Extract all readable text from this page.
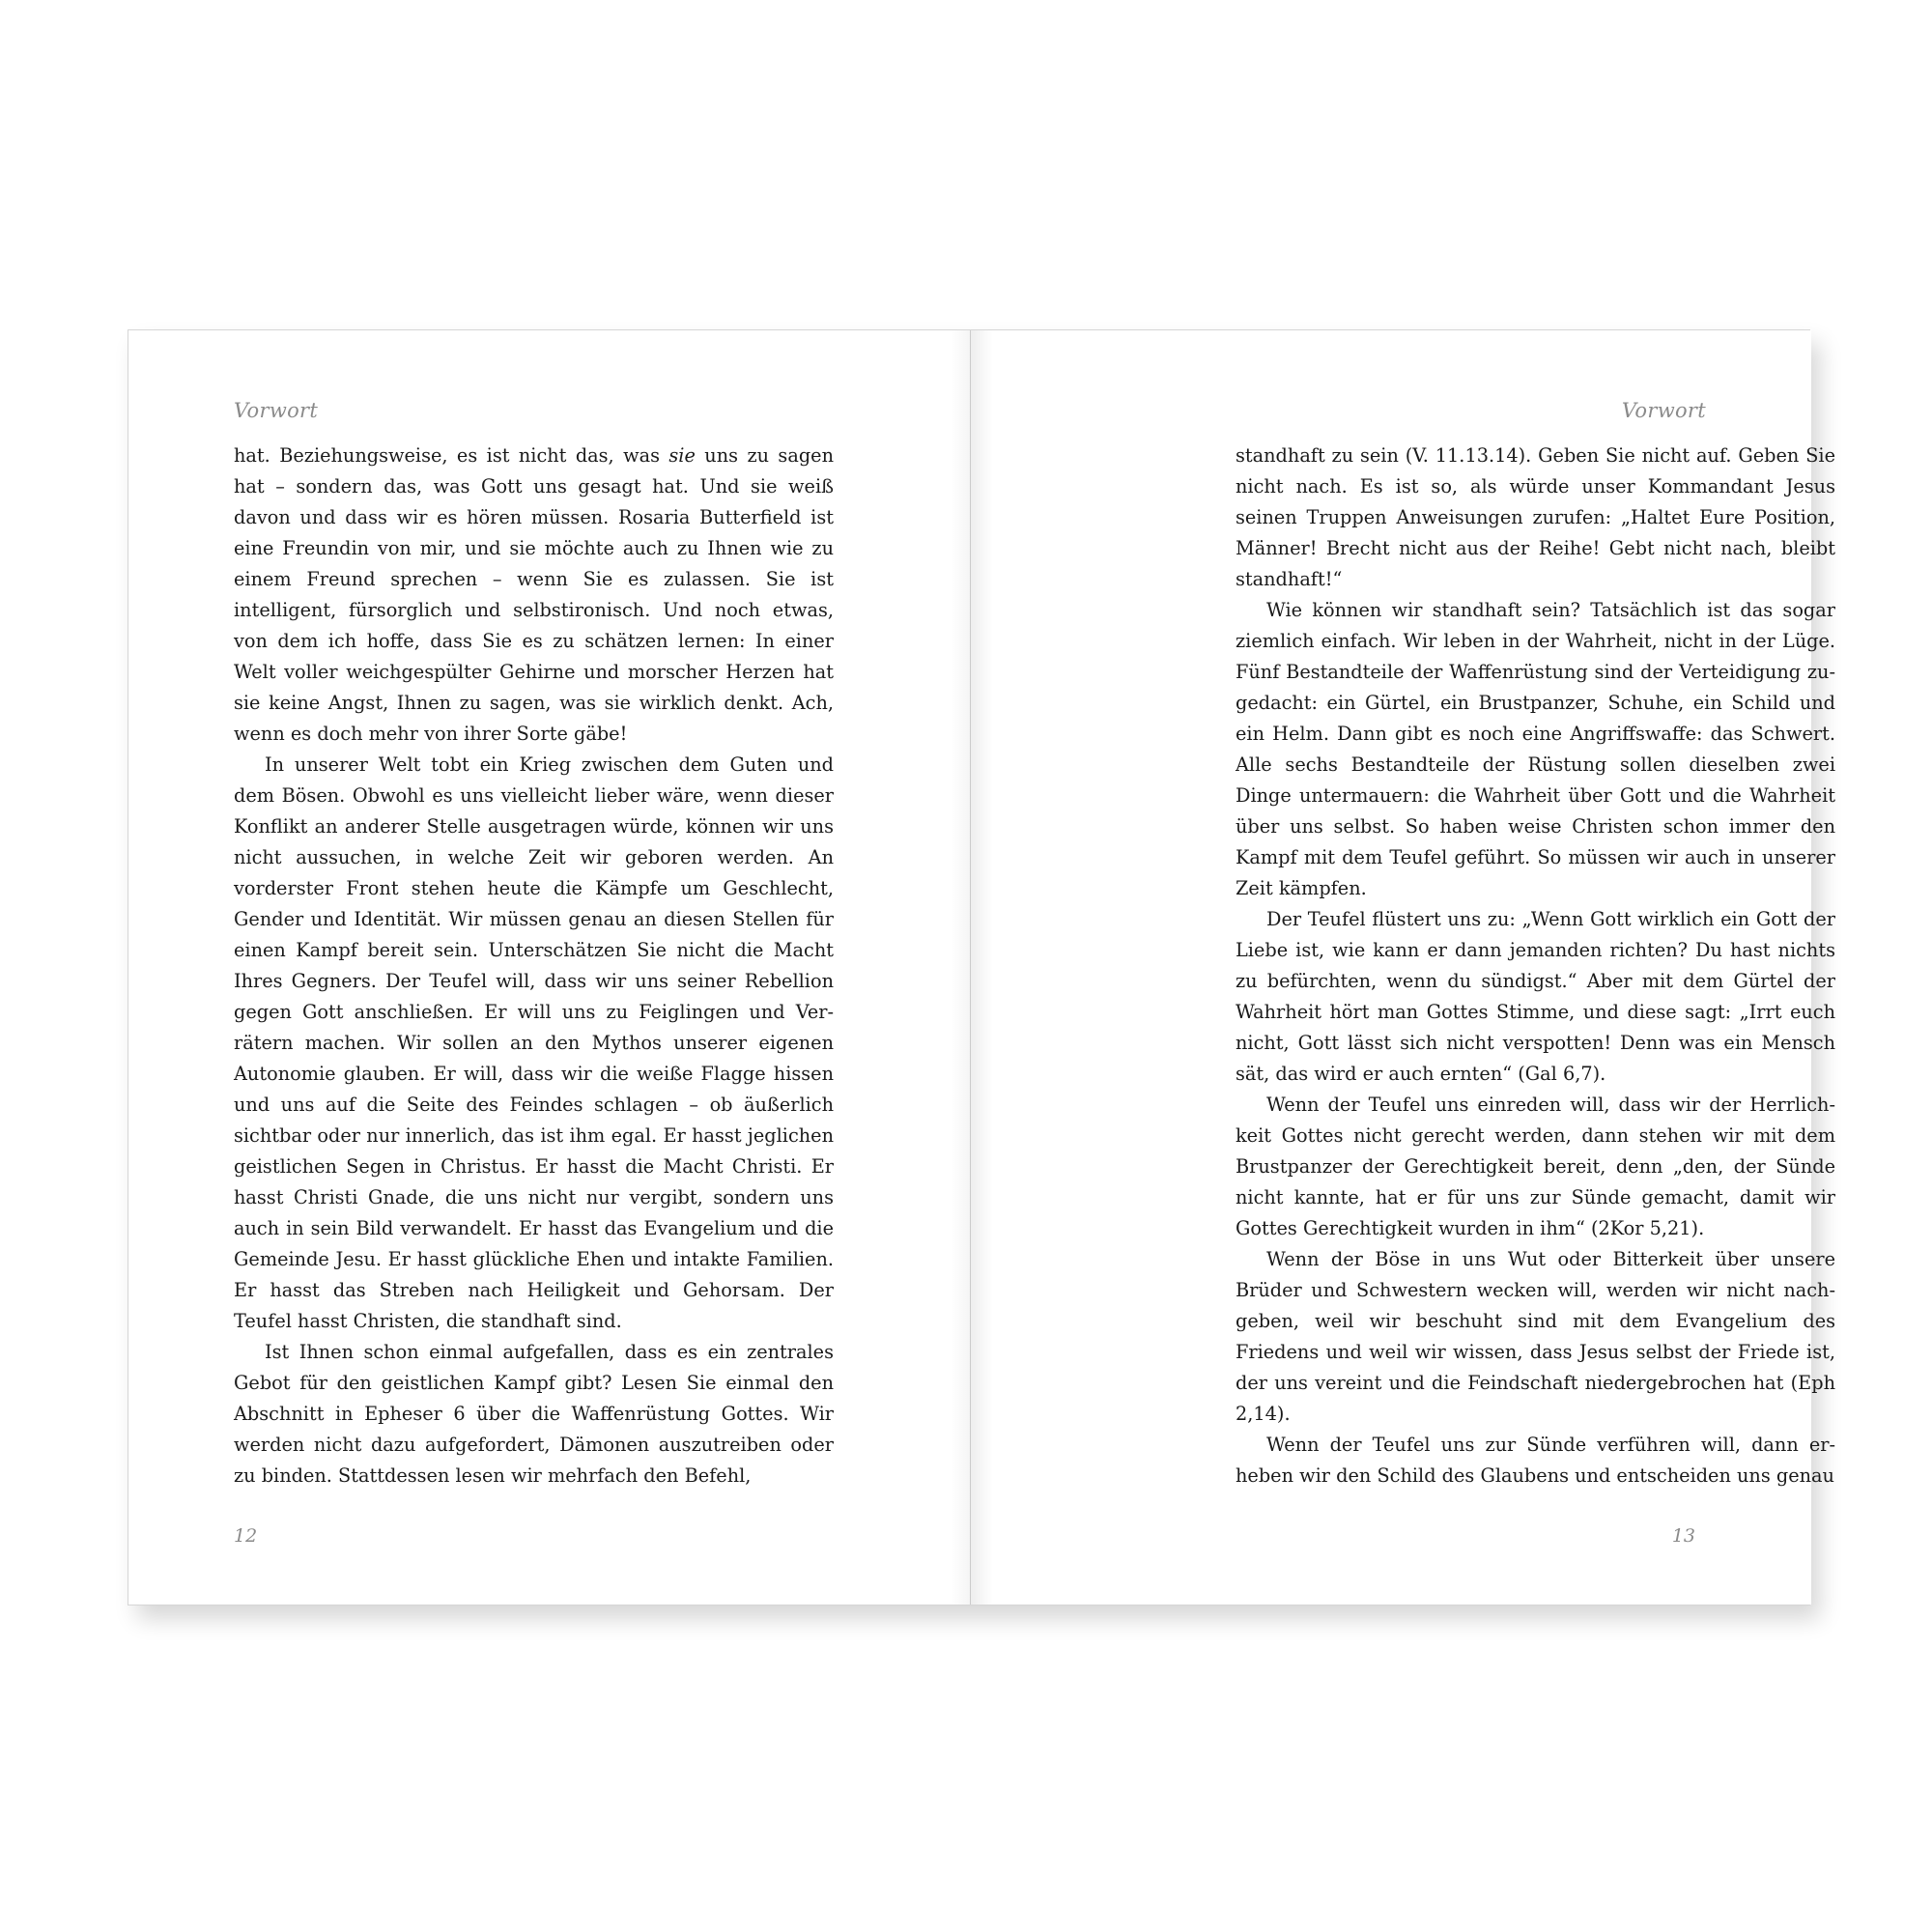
Vorwort

hat. Beziehungsweise, es ist nicht das, was sie uns zu sagen hat – sondern das, was Gott uns gesagt hat. Und sie weiß davon und dass wir es hören müssen. Rosaria Butterfield ist eine Freundin von mir, und sie möchte auch zu Ihnen wie zu einem Freund sprechen – wenn Sie es zulassen. Sie ist intelligent, fürsorglich und selbstironisch. Und noch etwas, von dem ich hoffe, dass Sie es zu schätzen lernen: In einer Welt voller weichgespülter Gehirne und morscher Herzen hat sie keine Angst, Ihnen zu sagen, was sie wirklich denkt. Ach, wenn es doch mehr von ihrer Sorte gäbe!

In unserer Welt tobt ein Krieg zwischen dem Guten und dem Bösen. Obwohl es uns vielleicht lieber wäre, wenn dieser Konflikt an anderer Stelle ausgetragen würde, können wir uns nicht aussuchen, in welche Zeit wir geboren werden. An vorderster Front stehen heute die Kämpfe um Geschlecht, Gender und Identität. Wir müssen genau an diesen Stellen für einen Kampf bereit sein. Unterschätzen Sie nicht die Macht Ihres Gegners. Der Teufel will, dass wir uns seiner Rebellion gegen Gott anschließen. Er will uns zu Feiglingen und Verrätern machen. Wir sollen an den Mythos unserer eigenen Autonomie glauben. Er will, dass wir die weiße Flagge hissen und uns auf die Seite des Feindes schlagen – ob äußerlich sichtbar oder nur innerlich, das ist ihm egal. Er hasst jeglichen geistlichen Segen in Christus. Er hasst die Macht Christi. Er hasst Christi Gnade, die uns nicht nur vergibt, sondern uns auch in sein Bild verwandelt. Er hasst das Evangelium und die Gemeinde Jesu. Er hasst glückliche Ehen und intakte Familien. Er hasst das Streben nach Heiligkeit und Gehorsam. Der Teufel hasst Christen, die standhaft sind.

Ist Ihnen schon einmal aufgefallen, dass es ein zentrales Gebot für den geistlichen Kampf gibt? Lesen Sie einmal den Abschnitt in Epheser 6 über die Waffenrüstung Gottes. Wir werden nicht dazu aufgefordert, Dämonen auszutreiben oder zu binden. Stattdessen lesen wir mehrfach den Befehl,

12
Vorwort

standhaft zu sein (V. 11.13.14). Geben Sie nicht auf. Geben Sie nicht nach. Es ist so, als würde unser Kommandant Jesus seinen Truppen Anweisungen zurufen: „Haltet Eure Position, Männer! Brecht nicht aus der Reihe! Gebt nicht nach, bleibt standhaft!“

Wie können wir standhaft sein? Tatsächlich ist das sogar ziemlich einfach. Wir leben in der Wahrheit, nicht in der Lüge. Fünf Bestandteile der Waffenrüstung sind der Verteidigung zugedacht: ein Gürtel, ein Brustpanzer, Schuhe, ein Schild und ein Helm. Dann gibt es noch eine Angriffswaffe: das Schwert. Alle sechs Bestandteile der Rüstung sollen dieselben zwei Dinge untermauern: die Wahrheit über Gott und die Wahrheit über uns selbst. So haben weise Christen schon immer den Kampf mit dem Teufel geführt. So müssen wir auch in unserer Zeit kämpfen.

Der Teufel flüstert uns zu: „Wenn Gott wirklich ein Gott der Liebe ist, wie kann er dann jemanden richten? Du hast nichts zu befürchten, wenn du sündigst.“ Aber mit dem Gürtel der Wahrheit hört man Gottes Stimme, und diese sagt: „Irrt euch nicht, Gott lässt sich nicht verspotten! Denn was ein Mensch sät, das wird er auch ernten“ (Gal 6,7).

Wenn der Teufel uns einreden will, dass wir der Herrlichkeit Gottes nicht gerecht werden, dann stehen wir mit dem Brustpanzer der Gerechtigkeit bereit, denn „den, der Sünde nicht kannte, hat er für uns zur Sünde gemacht, damit wir Gottes Gerechtigkeit wurden in ihm“ (2Kor 5,21).

Wenn der Böse in uns Wut oder Bitterkeit über unsere Brüder und Schwestern wecken will, werden wir nicht nachgeben, weil wir beschuht sind mit dem Evangelium des Friedens und weil wir wissen, dass Jesus selbst der Friede ist, der uns vereint und die Feindschaft niedergebrochen hat (Eph 2,14).

Wenn der Teufel uns zur Sünde verführen will, dann erheben wir den Schild des Glaubens und entscheiden uns genau

13
